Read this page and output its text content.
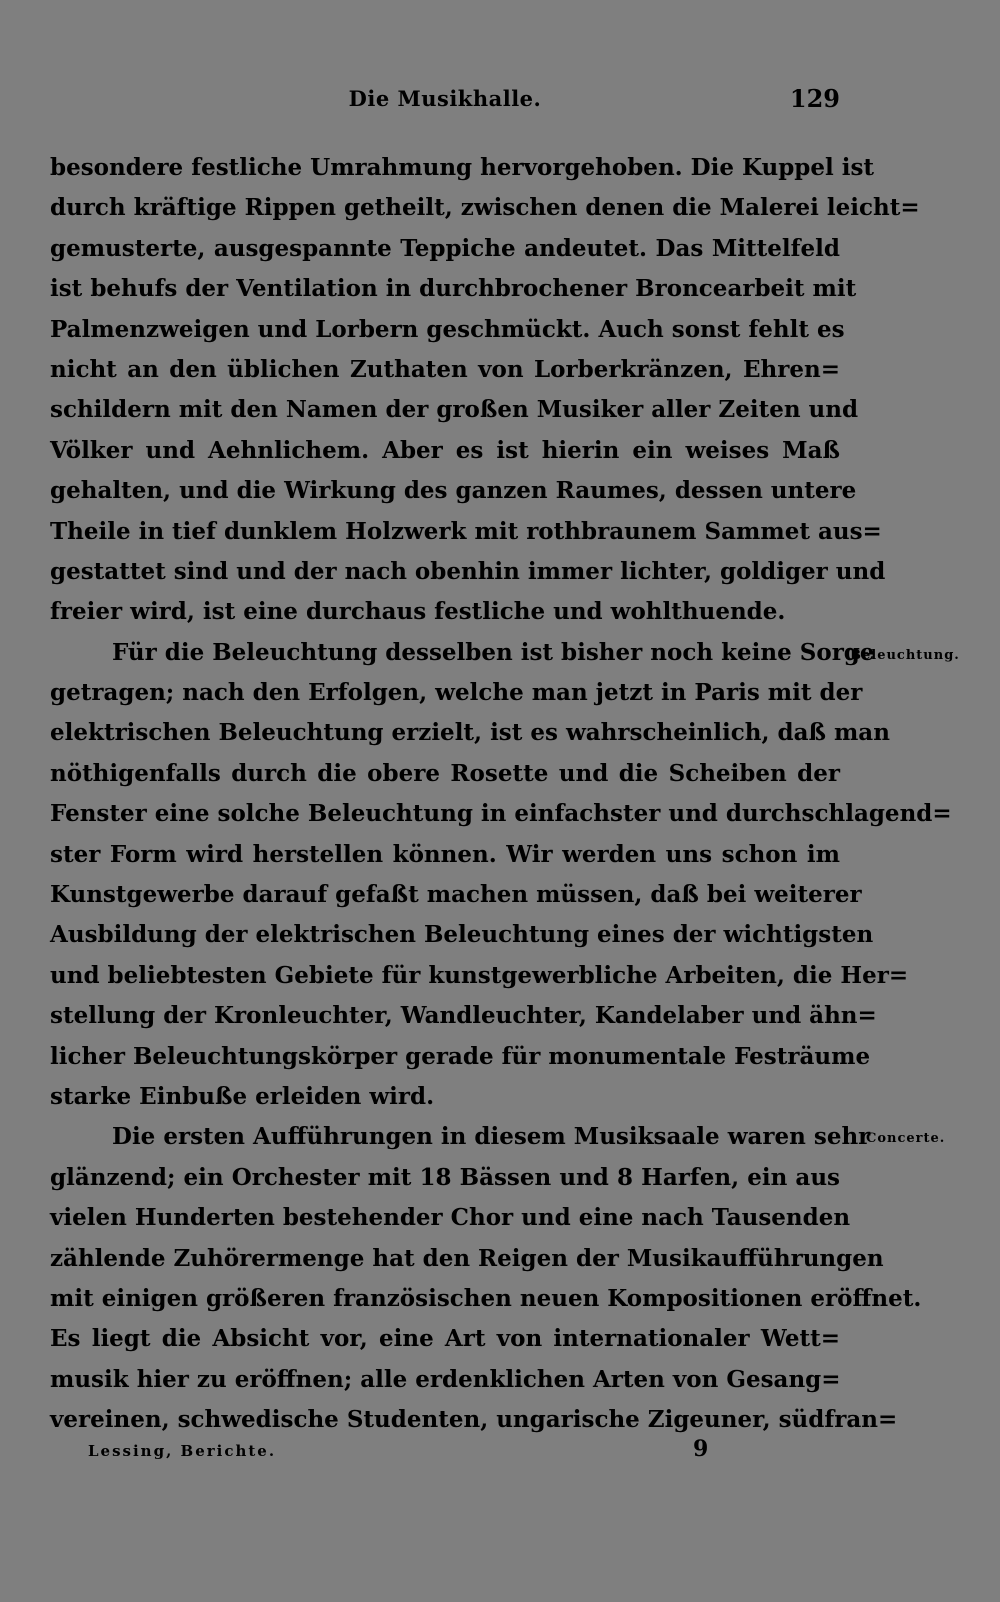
Die Musikhalle.	129
besondere festliche Umrahmung hervorgehoben. Die Kuppel ist
durch kräftige Rippen getheilt, zwischen denen die Malerei leicht=
gemusterte, ausgespannte Teppiche andeutet. Das Mittelfeld
ist behufs der Ventilation in durchbrochener Broncearbeit mit
Palmenzweigen und Lorbern geschmückt. Auch sonst fehlt es
nicht an den üblichen Zuthaten von Lorberkränzen, Ehren=
schildern mit den Namen der großen Musiker aller Zeiten und
Völker und Aehnlichem. Aber es ist hierin ein weises Maß
gehalten, und die Wirkung des ganzen Raumes, dessen untere
Theile in tief dunklem Holzwerk mit rothbraunem Sammet aus=
gestattet sind und der nach obenhin immer lichter, goldiger und
freier wird, ist eine durchaus festliche und wohlthuende.
Für die Beleuchtung desselben ist bisher noch keine Sorge
getragen; nach den Erfolgen, welche man jetzt in Paris mit der
elektrischen Beleuchtung erzielt, ist es wahrscheinlich, daß man
nöthigenfalls durch die obere Rosette und die Scheiben der
Fenster eine solche Beleuchtung in einfachster und durchschlagend=
ster Form wird herstellen können. Wir werden uns schon im
Kunstgewerbe darauf gefaßt machen müssen, daß bei weiterer
Ausbildung der elektrischen Beleuchtung eines der wichtigsten
und beliebtesten Gebiete für kunstgewerbliche Arbeiten, die Her=
stellung der Kronleuchter, Wandleuchter, Kandelaber und ähn=
licher Beleuchtungskörper gerade für monumentale Festräume
starke Einbuße erleiden wird.
Die ersten Aufführungen in diesem Musiksaale waren sehr
glänzend; ein Orchester mit 18 Bässen und 8 Harfen, ein aus
vielen Hunderten bestehender Chor und eine nach Tausenden
zählende Zuhörermenge hat den Reigen der Musikaufführungen
mit einigen größeren französischen neuen Kompositionen eröffnet.
Es liegt die Absicht vor, eine Art von internationaler Wett=
musik hier zu eröffnen; alle erdenklichen Arten von Gesang=
vereinen, schwedische Studenten, ungarische Zigeuner, südfran=
Beleuchtung.
Concerte.
Lessing, Berichte.	9
